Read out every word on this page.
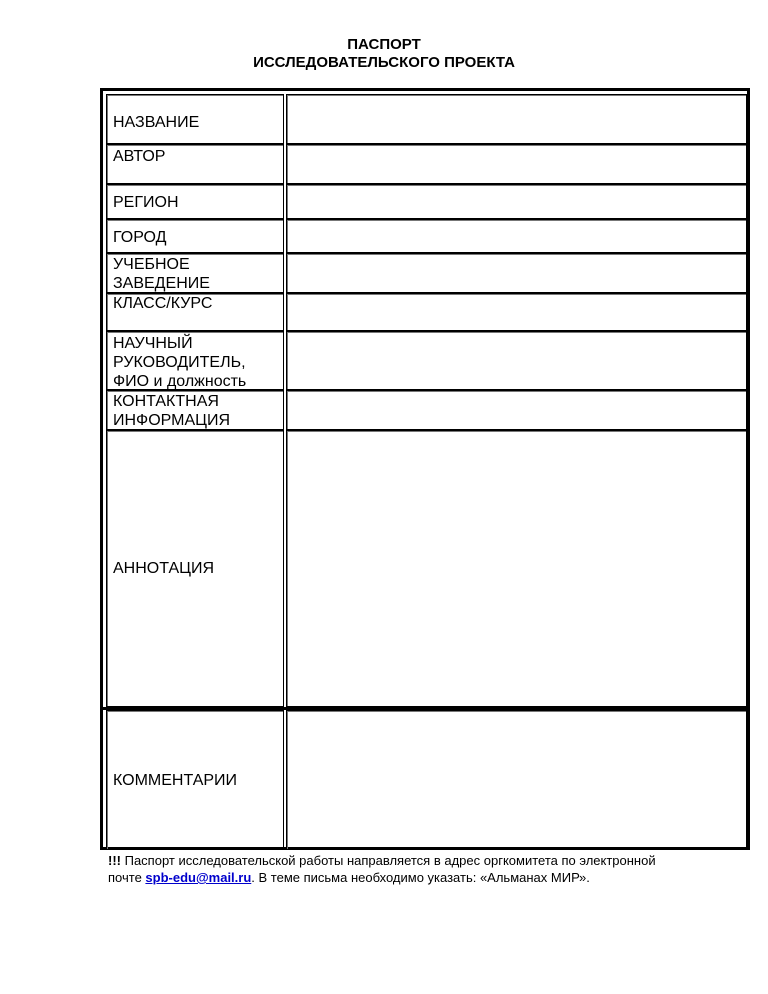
ПАСПОРТ
ИССЛЕДОВАТЕЛЬСКОГО ПРОЕКТА
НАЗВАНИЕ
АВТОР
РЕГИОН
ГОРОД
УЧЕБНОЕ
ЗАВЕДЕНИЕ
КЛАСС/КУРС
НАУЧНЫЙ
РУКОВОДИТЕЛЬ,
ФИО и должность
КОНТАКТНАЯ
ИНФОРМАЦИЯ
АННОТАЦИЯ
КОММЕНТАРИИ
!!! Паспорт исследовательской работы направляется в адрес оргкомитета по электронной
почте spb-edu@mail.ru. В теме письма необходимо указать: «Альманах МИР».
